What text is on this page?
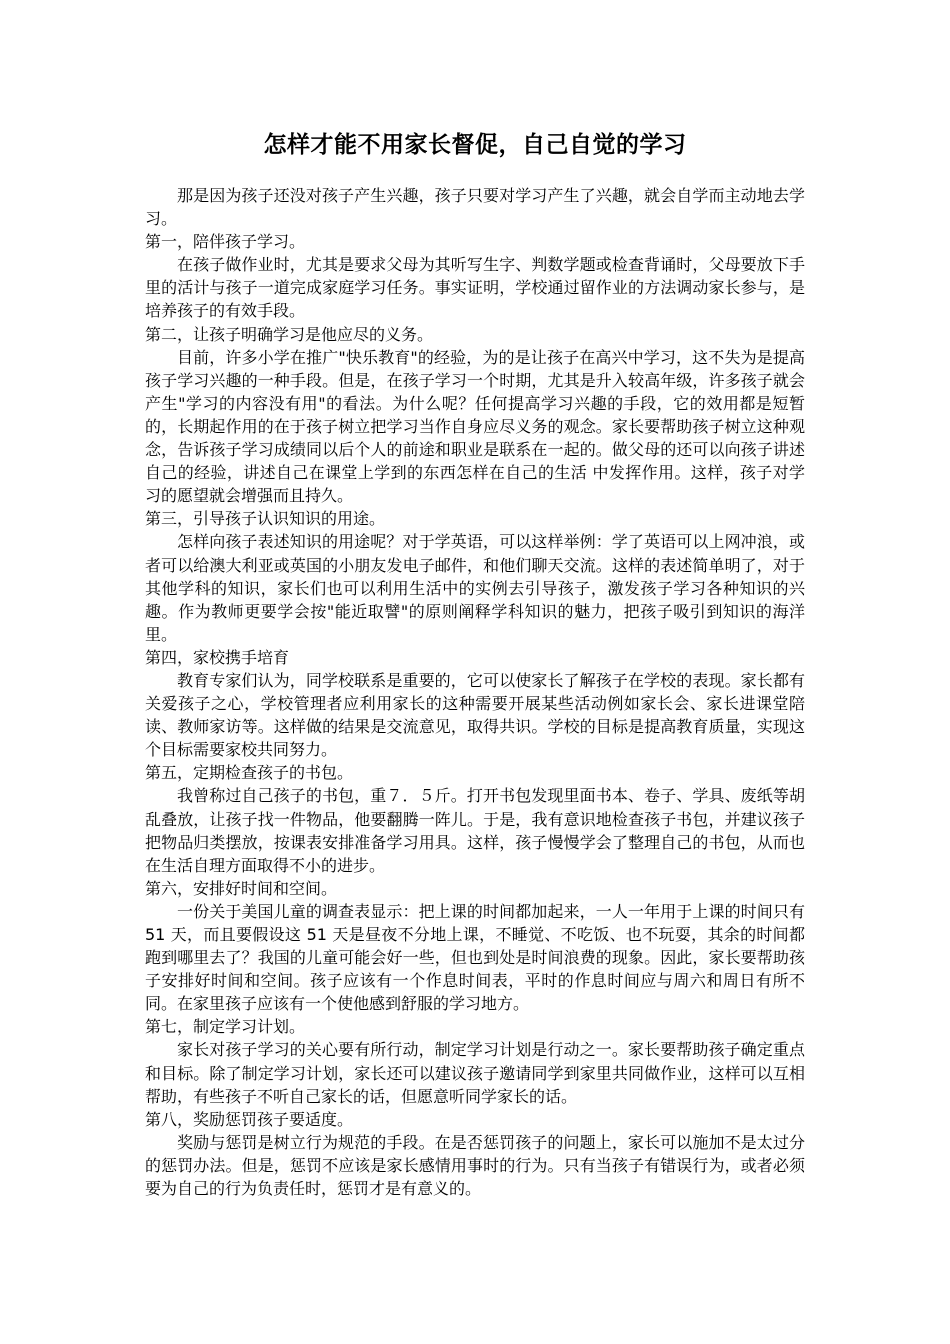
怎样才能不用家长督促，自己自觉的学习

那是因为孩子还没对孩子产生兴趣，孩子只要对学习产生了兴趣，就会自学而主动地去学习。

第一，陪伴孩子学习。

在孩子做作业时，尤其是要求父母为其听写生字、判数学题或检查背诵时，父母要放下手里的活计与孩子一道完成家庭学习任务。事实证明，学校通过留作业的方法调动家长参与，是培养孩子的有效手段。

第二，让孩子明确学习是他应尽的义务。

目前，许多小学在推广"快乐教育"的经验，为的是让孩子在高兴中学习，这不失为是提高孩子学习兴趣的一种手段。但是，在孩子学习一个时期，尤其是升入较高年级，许多孩子就会产生"学习的内容没有用"的看法。为什么呢？任何提高学习兴趣的手段，它的效用都是短暂的，长期起作用的在于孩子树立把学习当作自身应尽义务的观念。家长要帮助孩子树立这种观念，告诉孩子学习成绩同以后个人的前途和职业是联系在一起的。做父母的还可以向孩子讲述自己的经验，讲述自己在课堂上学到的东西怎样在自己的生活 中发挥作用。这样，孩子对学习的愿望就会增强而且持久。

第三，引导孩子认识知识的用途。

怎样向孩子表述知识的用途呢？对于学英语，可以这样举例：学了英语可以上网冲浪，或者可以给澳大利亚或英国的小朋友发电子邮件，和他们聊天交流。这样的表述简单明了，对于其他学科的知识，家长们也可以利用生活中的实例去引导孩子，激发孩子学习各种知识的兴趣。作为教师更要学会按"能近取譬"的原则阐释学科知识的魅力，把孩子吸引到知识的海洋里。

第四，家校携手培育

教育专家们认为，同学校联系是重要的，它可以使家长了解孩子在学校的表现。家长都有关爱孩子之心，学校管理者应利用家长的这种需要开展某些活动例如家长会、家长进课堂陪读、教师家访等。这样做的结果是交流意见，取得共识。学校的目标是提高教育质量，实现这个目标需要家校共同努力。

第五，定期检查孩子的书包。

我曾称过自己孩子的书包，重７．５斤。打开书包发现里面书本、卷子、学具、废纸等胡乱叠放，让孩子找一件物品，他要翻腾一阵儿。于是，我有意识地检查孩子书包，并建议孩子把物品归类摆放，按课表安排准备学习用具。这样，孩子慢慢学会了整理自己的书包，从而也在生活自理方面取得不小的进步。

第六，安排好时间和空间。

一份关于美国儿童的调查表显示：把上课的时间都加起来，一人一年用于上课的时间只有 51 天，而且要假设这 51 天是昼夜不分地上课，不睡觉、不吃饭、也不玩耍，其余的时间都跑到哪里去了？我国的儿童可能会好一些，但也到处是时间浪费的现象。因此，家长要帮助孩子安排好时间和空间。孩子应该有一个作息时间表，平时的作息时间应与周六和周日有所不同。在家里孩子应该有一个使他感到舒服的学习地方。

第七，制定学习计划。

家长对孩子学习的关心要有所行动，制定学习计划是行动之一。家长要帮助孩子确定重点和目标。除了制定学习计划，家长还可以建议孩子邀请同学到家里共同做作业，这样可以互相帮助，有些孩子不听自己家长的话，但愿意听同学家长的话。

第八，奖励惩罚孩子要适度。

奖励与惩罚是树立行为规范的手段。在是否惩罚孩子的问题上，家长可以施加不是太过分的惩罚办法。但是，惩罚不应该是家长感情用事时的行为。只有当孩子有错误行为，或者必须要为自己的行为负责任时，惩罚才是有意义的。
